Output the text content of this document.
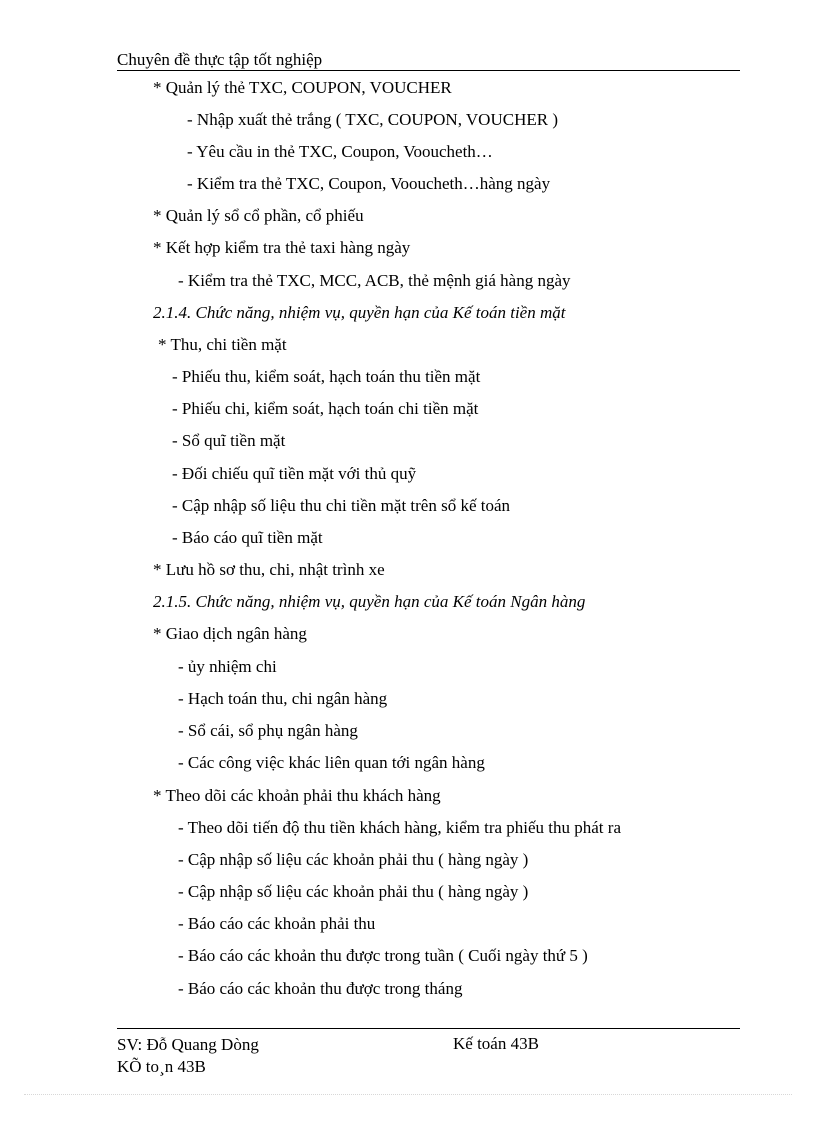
Chuyên đề thực tập tốt nghiệp
* Quản lý thẻ TXC, COUPON, VOUCHER
- Nhập xuất thẻ trắng ( TXC, COUPON, VOUCHER )
- Yêu cầu in thẻ TXC, Coupon, Vooucheth…
- Kiểm tra thẻ TXC, Coupon, Vooucheth…hàng ngày
* Quản lý sổ cổ phần, cổ phiếu
* Kết hợp kiểm tra thẻ taxi hàng ngày
- Kiểm tra thẻ TXC, MCC, ACB, thẻ mệnh giá hàng ngày
2.1.4. Chức năng, nhiệm vụ, quyền hạn của Kế toán tiền mặt
* Thu, chi tiền mặt
- Phiếu thu, kiểm soát, hạch toán thu tiền mặt
- Phiếu chi, kiểm soát, hạch toán chi tiền mặt
- Sổ quĩ tiền mặt
- Đối chiếu quĩ tiền mặt với thủ quỹ
- Cập nhập số liệu thu chi tiền mặt trên sổ kế toán
- Báo cáo quĩ tiền mặt
* Lưu hồ sơ thu, chi, nhật trình xe
2.1.5. Chức năng, nhiệm vụ, quyền hạn của Kế toán Ngân hàng
* Giao dịch ngân hàng
- ủy nhiệm chi
- Hạch toán thu, chi ngân hàng
- Sổ cái, sổ phụ ngân hàng
- Các công việc khác liên quan tới ngân hàng
* Theo dõi các khoản phải thu khách hàng
- Theo dõi tiến độ thu tiền khách hàng, kiểm tra phiếu thu phát ra
- Cập nhập số liệu các khoản phải thu ( hàng ngày )
- Cập nhập số liệu các khoản phải thu ( hàng ngày )
- Báo cáo các khoản phải thu
- Báo cáo các khoản thu được trong tuần ( Cuối ngày thứ 5 )
- Báo cáo các khoản thu được trong tháng
SV: Đỗ Quang Dòng
KÕ to¸n 43B
Kế toán 43B
